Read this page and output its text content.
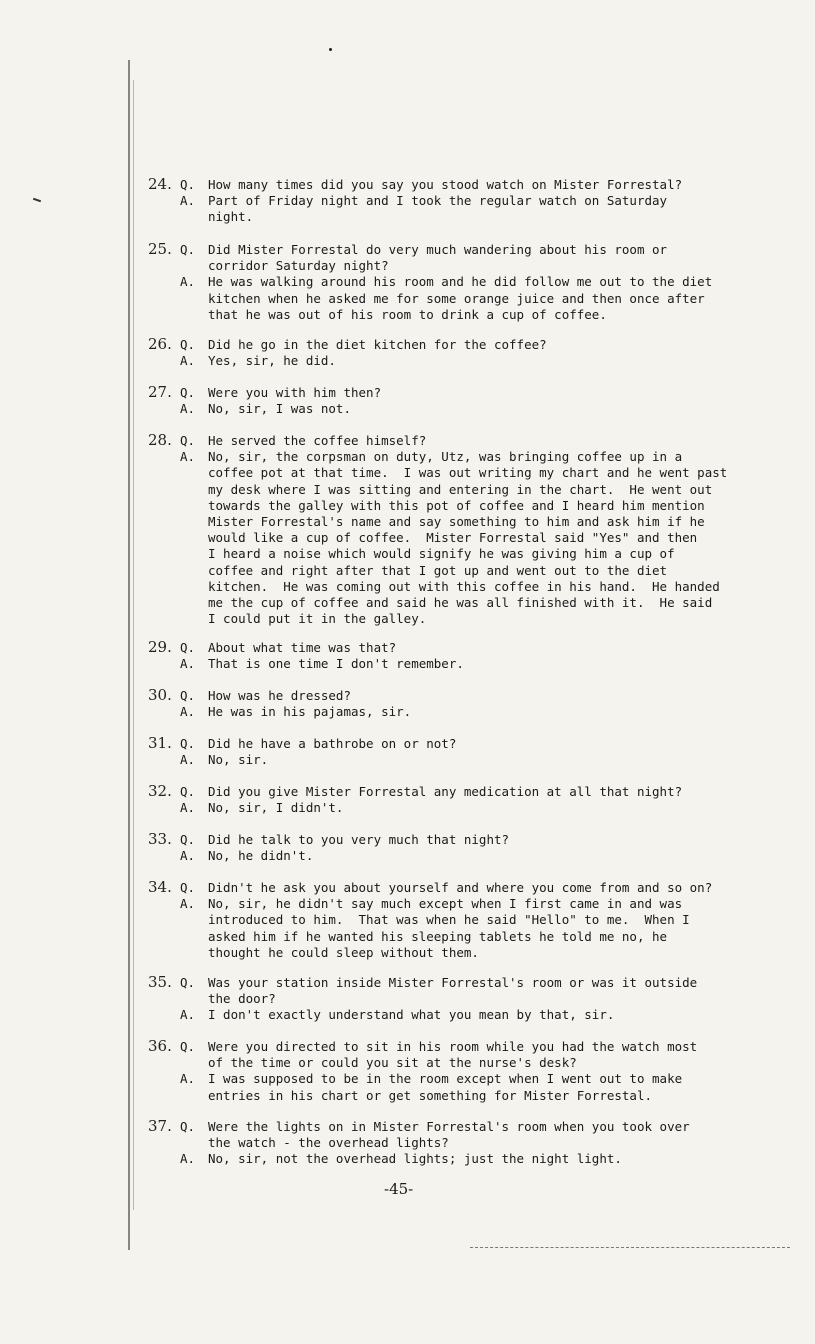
24. Q.	How many times did you say you stood watch on Mister Forrestal?
A.	Part of Friday night and I took the regular watch on Saturday
night.
25. Q.	Did Mister Forrestal do very much wandering about his room or
corridor Saturday night?
A.	He was walking around his room and he did follow me out to the diet
kitchen when he asked me for some orange juice and then once after
that he was out of his room to drink a cup of coffee.
26. Q.	Did he go in the diet kitchen for the coffee?
A.	Yes, sir, he did.
27. Q.	Were you with him then?
A.	No, sir, I was not.
28. Q.	He served the coffee himself?
A.	No, sir, the corpsman on duty, Utz, was bringing coffee up in a
coffee pot at that time.  I was out writing my chart and he went past
my desk where I was sitting and entering in the chart.  He went out
towards the galley with this pot of coffee and I heard him mention
Mister Forrestal's name and say something to him and ask him if he
would like a cup of coffee.  Mister Forrestal said "Yes" and then
I heard a noise which would signify he was giving him a cup of
coffee and right after that I got up and went out to the diet
kitchen.  He was coming out with this coffee in his hand.  He handed
me the cup of coffee and said he was all finished with it.  He said
I could put it in the galley.
29. Q.	About what time was that?
A.	That is one time I don't remember.
30. Q.	How was he dressed?
A.	He was in his pajamas, sir.
31. Q.	Did he have a bathrobe on or not?
A.	No, sir.
32. Q.	Did you give Mister Forrestal any medication at all that night?
A.	No, sir, I didn't.
33. Q.	Did he talk to you very much that night?
A.	No, he didn't.
34. Q.	Didn't he ask you about yourself and where you come from and so on?
A.	No, sir, he didn't say much except when I first came in and was
introduced to him.  That was when he said "Hello" to me.  When I
asked him if he wanted his sleeping tablets he told me no, he
thought he could sleep without them.
35. Q.	Was your station inside Mister Forrestal's room or was it outside
the door?
A.	I don't exactly understand what you mean by that, sir.
36. Q.	Were you directed to sit in his room while you had the watch most
of the time or could you sit at the nurse's desk?
A.	I was supposed to be in the room except when I went out to make
entries in his chart or get something for Mister Forrestal.
37. Q.	Were the lights on in Mister Forrestal's room when you took over
the watch - the overhead lights?
A.	No, sir, not the overhead lights; just the night light.
-45-
